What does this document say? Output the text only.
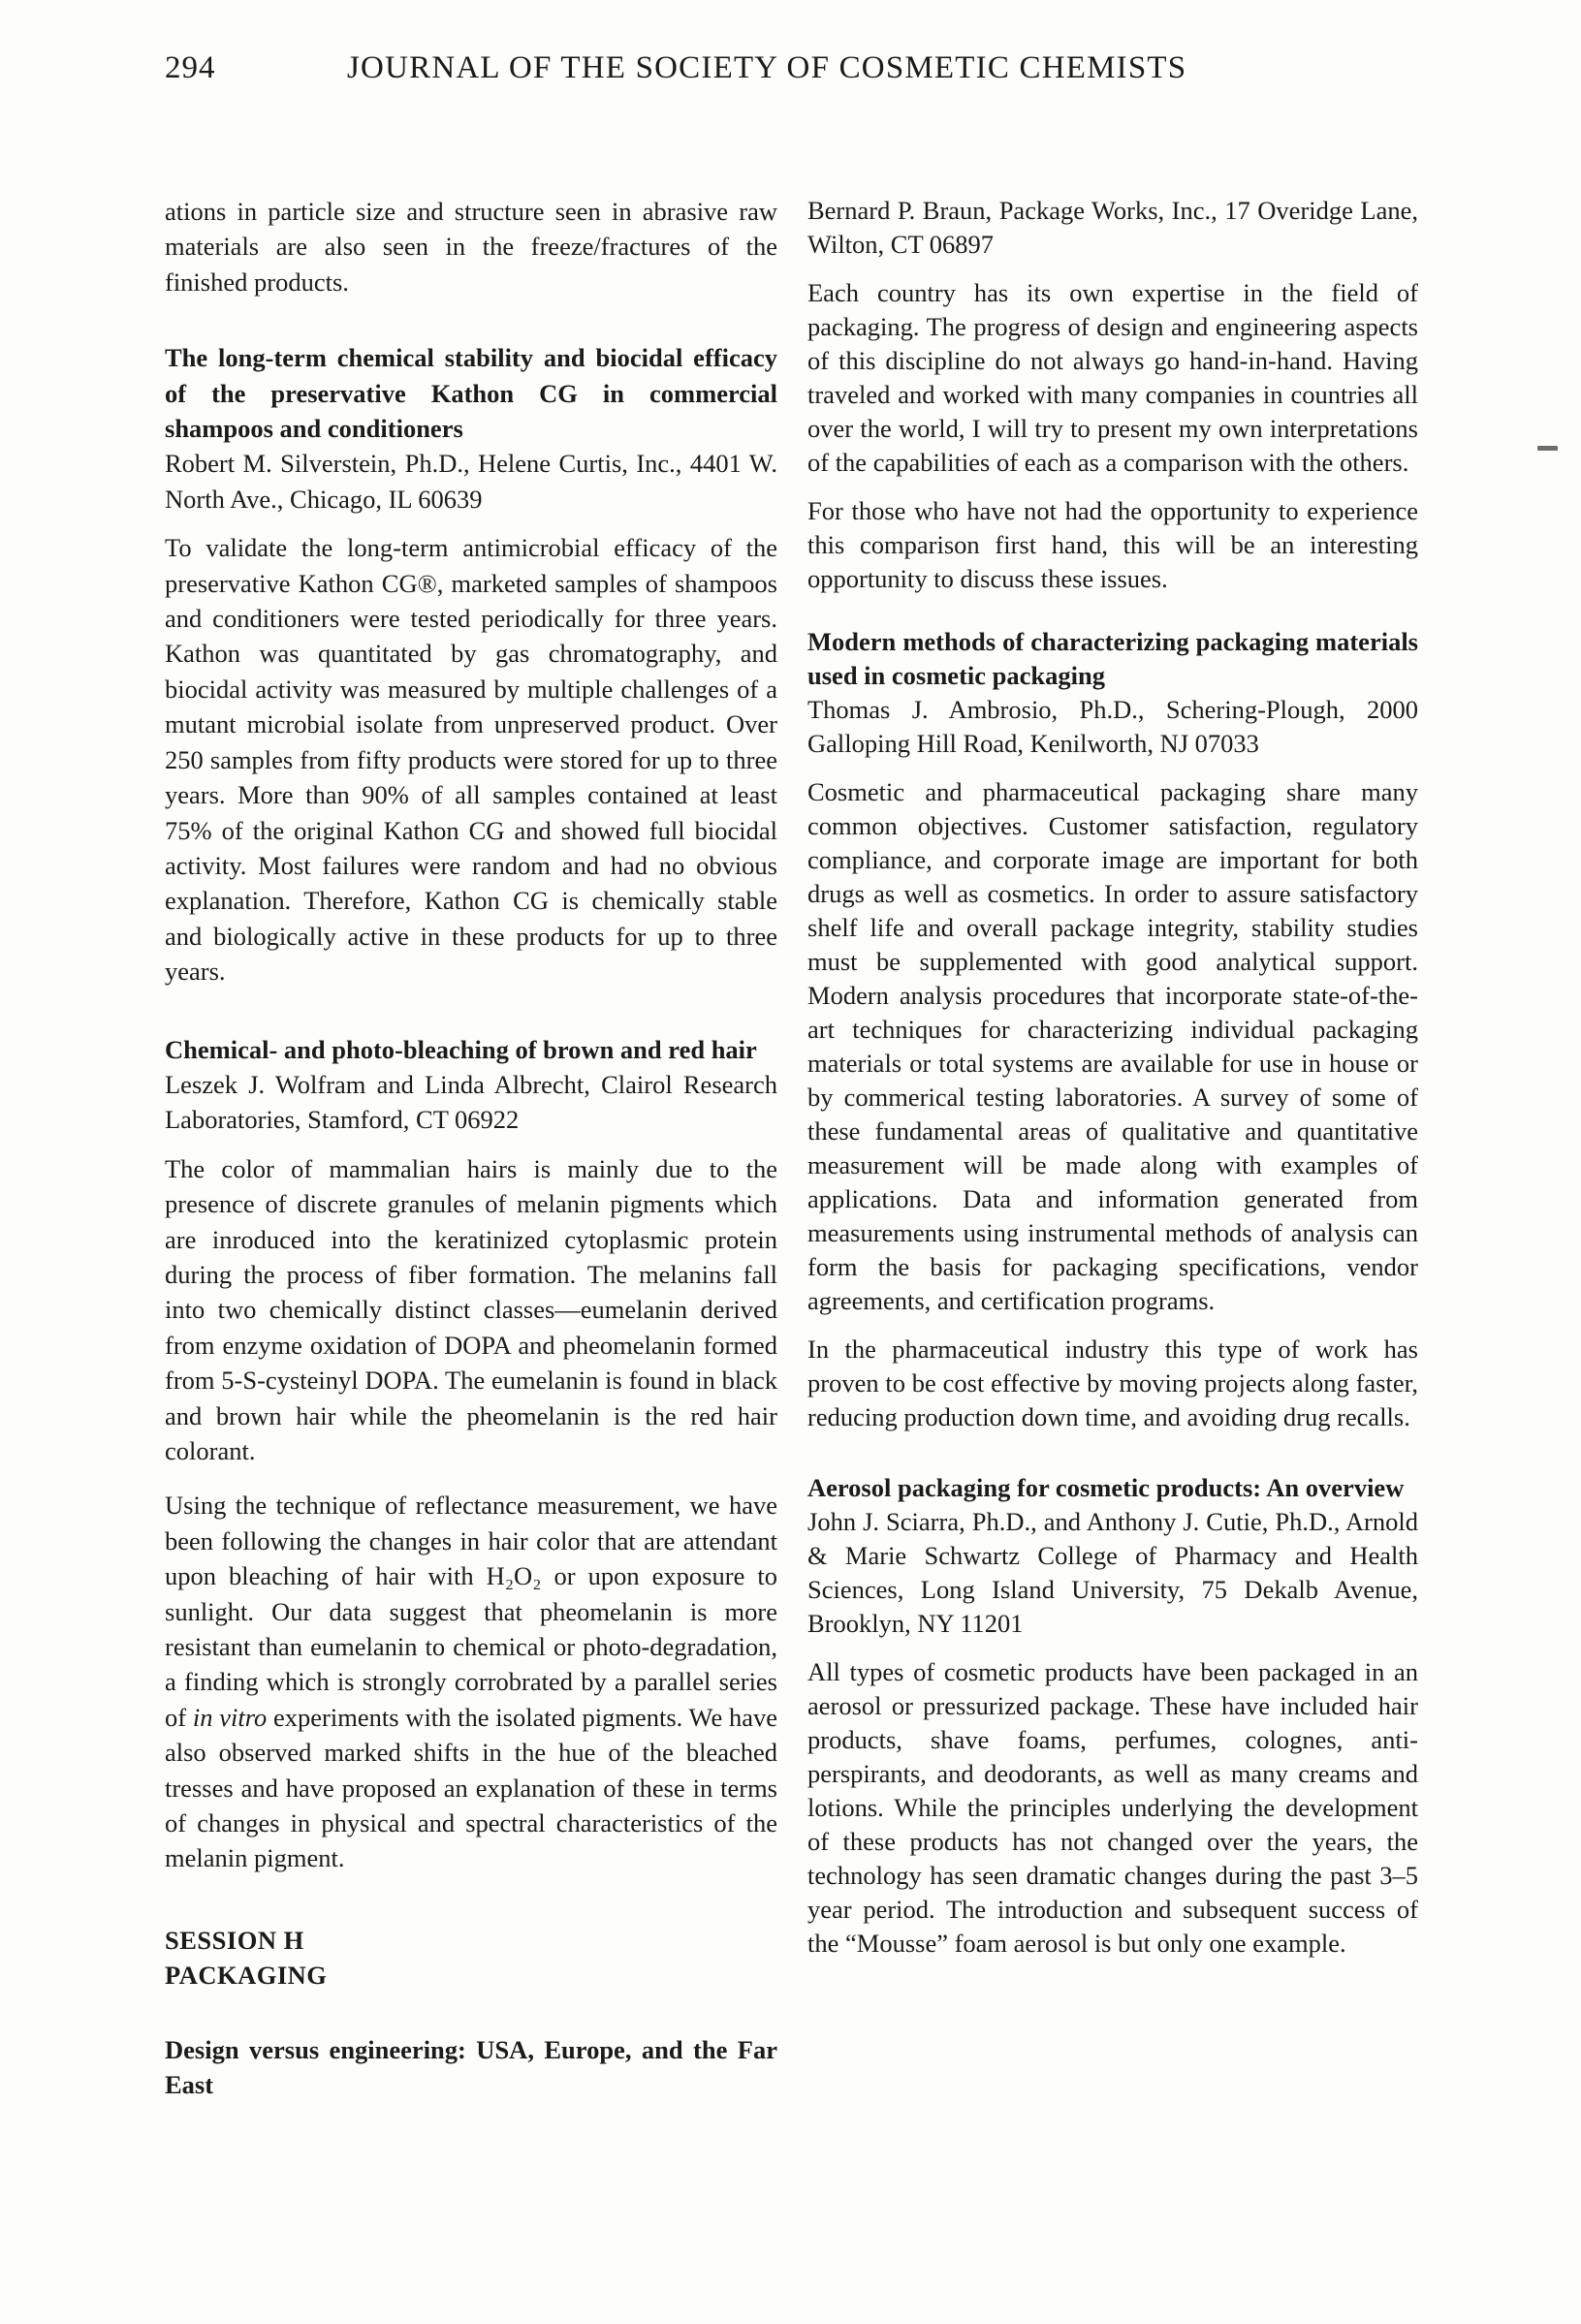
294	JOURNAL OF THE SOCIETY OF COSMETIC CHEMISTS

ations in particle size and structure seen in abrasive raw materials are also seen in the freeze/fractures of the finished products.

The long-term chemical stability and biocidal efficacy of the preservative Kathon CG in commercial shampoos and conditioners

Robert M. Silverstein, Ph.D., Helene Curtis, Inc., 4401 W. North Ave., Chicago, IL 60639

To validate the long-term antimicrobial efficacy of the preservative Kathon CG®, marketed samples of shampoos and conditioners were tested periodically for three years. Kathon was quantitated by gas chromatography, and biocidal activity was measured by multiple challenges of a mutant microbial isolate from unpreserved product. Over 250 samples from fifty products were stored for up to three years. More than 90% of all samples contained at least 75% of the original Kathon CG and showed full biocidal activity. Most failures were random and had no obvious explanation. Therefore, Kathon CG is chemically stable and biologically active in these products for up to three years.

Chemical- and photo-bleaching of brown and red hair

Leszek J. Wolfram and Linda Albrecht, Clairol Research Laboratories, Stamford, CT 06922

The color of mammalian hairs is mainly due to the presence of discrete granules of melanin pigments which are inroduced into the keratinized cytoplasmic protein during the process of fiber formation. The melanins fall into two chemically distinct classes—eumelanin derived from enzyme oxidation of DOPA and pheomelanin formed from 5-S-cysteinyl DOPA. The eumelanin is found in black and brown hair while the pheomelanin is the red hair colorant.

Using the technique of reflectance measurement, we have been following the changes in hair color that are attendant upon bleaching of hair with H₂O₂ or upon exposure to sunlight. Our data suggest that pheomelanin is more resistant than eumelanin to chemical or photo-degradation, a finding which is strongly corrobrated by a parallel series of in vitro experiments with the isolated pigments. We have also observed marked shifts in the hue of the bleached tresses and have proposed an explanation of these in terms of changes in physical and spectral characteristics of the melanin pigment.

SESSION H
PACKAGING
Design versus engineering: USA, Europe, and the Far East

Bernard P. Braun, Package Works, Inc., 17 Overidge Lane, Wilton, CT 06897

Each country has its own expertise in the field of packaging. The progress of design and engineering aspects of this discipline do not always go hand-in-hand. Having traveled and worked with many companies in countries all over the world, I will try to present my own interpretations of the capabilities of each as a comparison with the others.

For those who have not had the opportunity to experience this comparison first hand, this will be an interesting opportunity to discuss these issues.

Modern methods of characterizing packaging materials used in cosmetic packaging

Thomas J. Ambrosio, Ph.D., Schering-Plough, 2000 Galloping Hill Road, Kenilworth, NJ 07033

Cosmetic and pharmaceutical packaging share many common objectives. Customer satisfaction, regulatory compliance, and corporate image are important for both drugs as well as cosmetics. In order to assure satisfactory shelf life and overall package integrity, stability studies must be supplemented with good analytical support. Modern analysis procedures that incorporate state-of-the-art techniques for characterizing individual packaging materials or total systems are available for use in house or by commerical testing laboratories. A survey of some of these fundamental areas of qualitative and quantitative measurement will be made along with examples of applications. Data and information generated from measurements using instrumental methods of analysis can form the basis for packaging specifications, vendor agreements, and certification programs.

In the pharmaceutical industry this type of work has proven to be cost effective by moving projects along faster, reducing production down time, and avoiding drug recalls.

Aerosol packaging for cosmetic products: An overview

John J. Sciarra, Ph.D., and Anthony J. Cutie, Ph.D., Arnold & Marie Schwartz College of Pharmacy and Health Sciences, Long Island University, 75 Dekalb Avenue, Brooklyn, NY 11201

All types of cosmetic products have been packaged in an aerosol or pressurized package. These have included hair products, shave foams, perfumes, colognes, anti-perspirants, and deodorants, as well as many creams and lotions. While the principles underlying the development of these products has not changed over the years, the technology has seen dramatic changes during the past 3–5 year period. The introduction and subsequent success of the “Mousse” foam aerosol is but only one example.
